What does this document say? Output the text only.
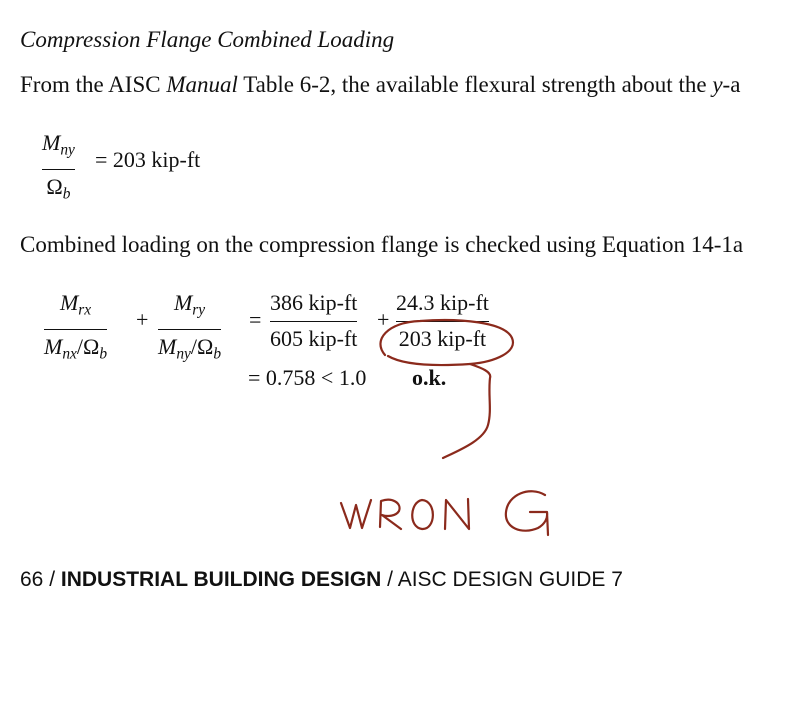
Compression Flange Combined Loading
From the AISC Manual Table 6-2, the available flexural strength about the y-a
$M_{ny}$
$\Omega_b$
= 203 kip-ft
Combined loading on the compression flange is checked using Equation 14-1a
$M_{rx}$
$M_{nx}/\Omega_b$
+
$M_{ry}$
$M_{ny}/\Omega_b$
=
386 kip-ft
605 kip-ft
+
24.3 kip-ft
203 kip-ft
= 0.758 < 1.0 o.k.
WRONG
66 / INDUSTRIAL BUILDING DESIGN / AISC DESIGN GUIDE 7
